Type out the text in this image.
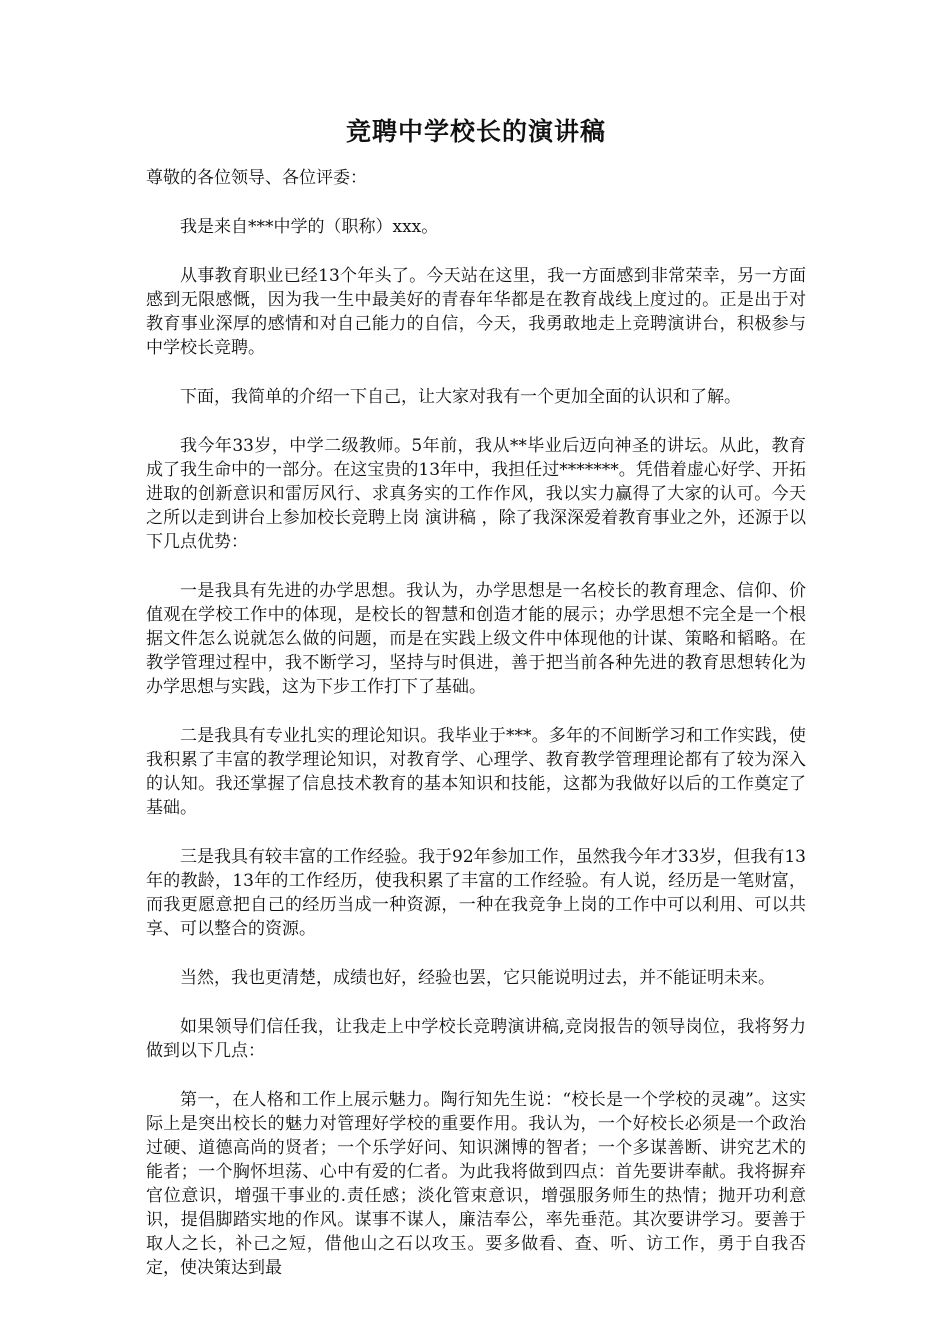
竞聘中学校长的演讲稿
尊敬的各位领导、各位评委：
我是来自***中学的（职称）xxx。
从事教育职业已经13个年头了。今天站在这里，我一方面感到非常荣幸，另一方面感到无限感慨，因为我一生中最美好的青春年华都是在教育战线上度过的。正是出于对教育事业深厚的感情和对自己能力的自信，今天，我勇敢地走上竞聘演讲台，积极参与中学校长竞聘。
下面，我简单的介绍一下自己，让大家对我有一个更加全面的认识和了解。
我今年33岁，中学二级教师。5年前，我从**毕业后迈向神圣的讲坛。从此，教育成了我生命中的一部分。在这宝贵的13年中，我担任过*******。凭借着虚心好学、开拓进取的创新意识和雷厉风行、求真务实的工作作风，我以实力赢得了大家的认可。今天之所以走到讲台上参加校长竞聘上岗 演讲稿 ，除了我深深爱着教育事业之外，还源于以下几点优势：
一是我具有先进的办学思想。我认为，办学思想是一名校长的教育理念、信仰、价值观在学校工作中的体现，是校长的智慧和创造才能的展示；办学思想不完全是一个根据文件怎么说就怎么做的问题，而是在实践上级文件中体现他的计谋、策略和韬略。在教学管理过程中，我不断学习，坚持与时俱进，善于把当前各种先进的教育思想转化为办学思想与实践，这为下步工作打下了基础。
二是我具有专业扎实的理论知识。我毕业于***。多年的不间断学习和工作实践，使我积累了丰富的教学理论知识，对教育学、心理学、教育教学管理理论都有了较为深入的认知。我还掌握了信息技术教育的基本知识和技能，这都为我做好以后的工作奠定了基础。
三是我具有较丰富的工作经验。我于92年参加工作，虽然我今年才33岁，但我有13年的教龄，13年的工作经历，使我积累了丰富的工作经验。有人说，经历是一笔财富，而我更愿意把自己的经历当成一种资源，一种在我竞争上岗的工作中可以利用、可以共享、可以整合的资源。
当然，我也更清楚，成绩也好，经验也罢，它只能说明过去，并不能证明未来。
如果领导们信任我，让我走上中学校长竞聘演讲稿,竞岗报告的领导岗位，我将努力做到以下几点：
第一，在人格和工作上展示魅力。陶行知先生说：“校长是一个学校的灵魂”。这实际上是突出校长的魅力对管理好学校的重要作用。我认为，一个好校长必须是一个政治过硬、道德高尚的贤者；一个乐学好问、知识渊博的智者；一个多谋善断、讲究艺术的能者；一个胸怀坦荡、心中有爱的仁者。为此我将做到四点：首先要讲奉献。我将摒弃官位意识，增强干事业的.责任感；淡化管束意识，增强服务师生的热情；抛开功利意识，提倡脚踏实地的作风。谋事不谋人，廉洁奉公，率先垂范。其次要讲学习。要善于取人之长，补己之短，借他山之石以攻玉。要多做看、查、听、访工作，勇于自我否定，使决策达到最
